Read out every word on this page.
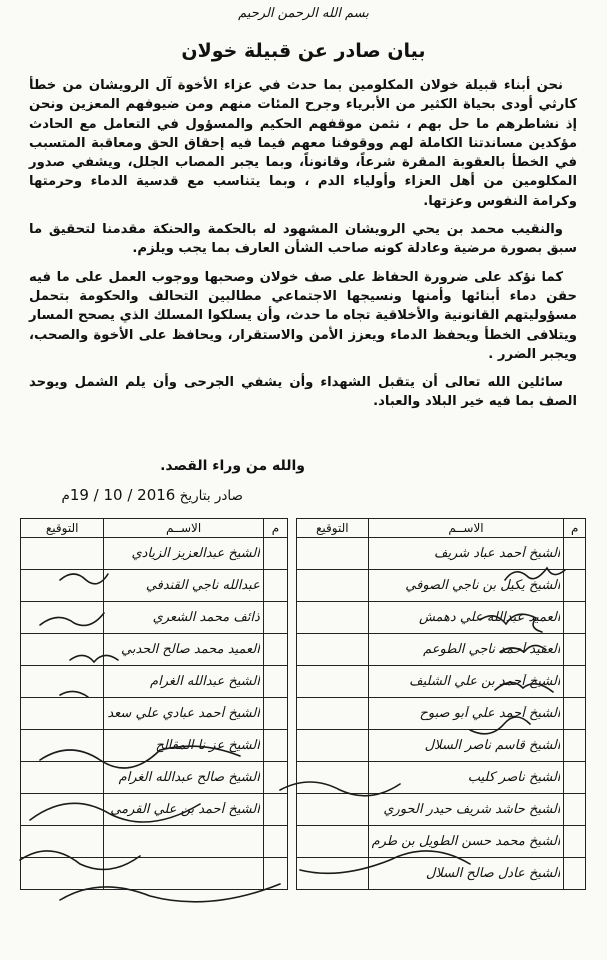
بسم الله الرحمن الرحيم
بيان صادر عن قبيلة خولان

نحن أبناء قبيلة خولان المكلومين بما حدث في عزاء الأخوة آل الرويشان من خطأ كارثي أودى بحياة الكثير من الأبرياء وجرح المئات منهم ومن ضيوفهم المعزين ونحن إذ نشاطرهم ما حل بهم ، نثمن موقفهم الحكيم والمسؤول في التعامل مع الحادث مؤكدين مساندتنا الكاملة لهم ووقوفنا معهم فيما فيه إحقاق الحق ومعاقبة المتسبب في الخطأ بالعقوبة المقرة شرعاً، وقانوناً، وبما يجبر المصاب الجلل، ويشفي صدور المكلومين من أهل العزاء وأولياء الدم ، وبما يتناسب مع قدسية الدماء وحرمتها وكرامة النفوس وعزتها.

والنقيب محمد بن يحي الرويشان المشهود له بالحكمة والحنكة مقدمنا لتحقيق ما سبق بصورة مرضية وعادلة كونه صاحب الشأن العارف بما يجب ويلزم.

كما نؤكد على ضرورة الحفاظ على صف خولان وصحبها ووجوب العمل على ما فيه حقن دماء أبنائها وأمنها ونسيجها الاجتماعي مطالبين التحالف والحكومة بتحمل مسؤوليتهم القانونية والأخلاقية تجاه ما حدث، وأن يسلكوا المسلك الذي يصحح المسار ويتلافى الخطأ ويحفظ الدماء ويعزز الأمن والاستقرار، ويحافظ على الأخوة والصحب، ويجبر الضرر .

سائلين الله تعالى أن يتقبل الشهداء وأن يشفي الجرحى وأن يلم الشمل ويوحد الصف بما فيه خير البلاد والعباد.

والله من وراء القصد.
صادر بتاريخ 19 / 10 / 2016م
م	الاســم	التوقيع

	الشيخ أحمد عباد شريف	

	الشيخ يكيل بن ناجي الصوفي	

	العميد عبدالله علي دهمش	

	العقيد أحمد ناجي الطوعم	

	الشيخ أحمد بن علي الشليف	

	الشيخ أحمد علي أبو صبوح	

	الشيخ قاسم ناصر السلال	

	الشيخ ناصر كليب	

	الشيخ حاشد شريف حيدر الحوري	

	الشيخ محمد حسن الطويل بن طرم	

	الشيخ عادل صالح السلال	

م	الاســم	التوقيع

	الشيخ عبدالعزيز الزيادي	

	عبدالله ناجي القندفي	

	ذائف محمد الشعري	

	العميد محمد صالح الحدبي	

	الشيخ عبدالله الغرام	

	الشيخ أحمد عبادي علي سعد	

	الشيخ عز نا المقالح	

	الشيخ صالح عبدالله الغرام	

	الشيخ أحمد بن علي القرمي	
